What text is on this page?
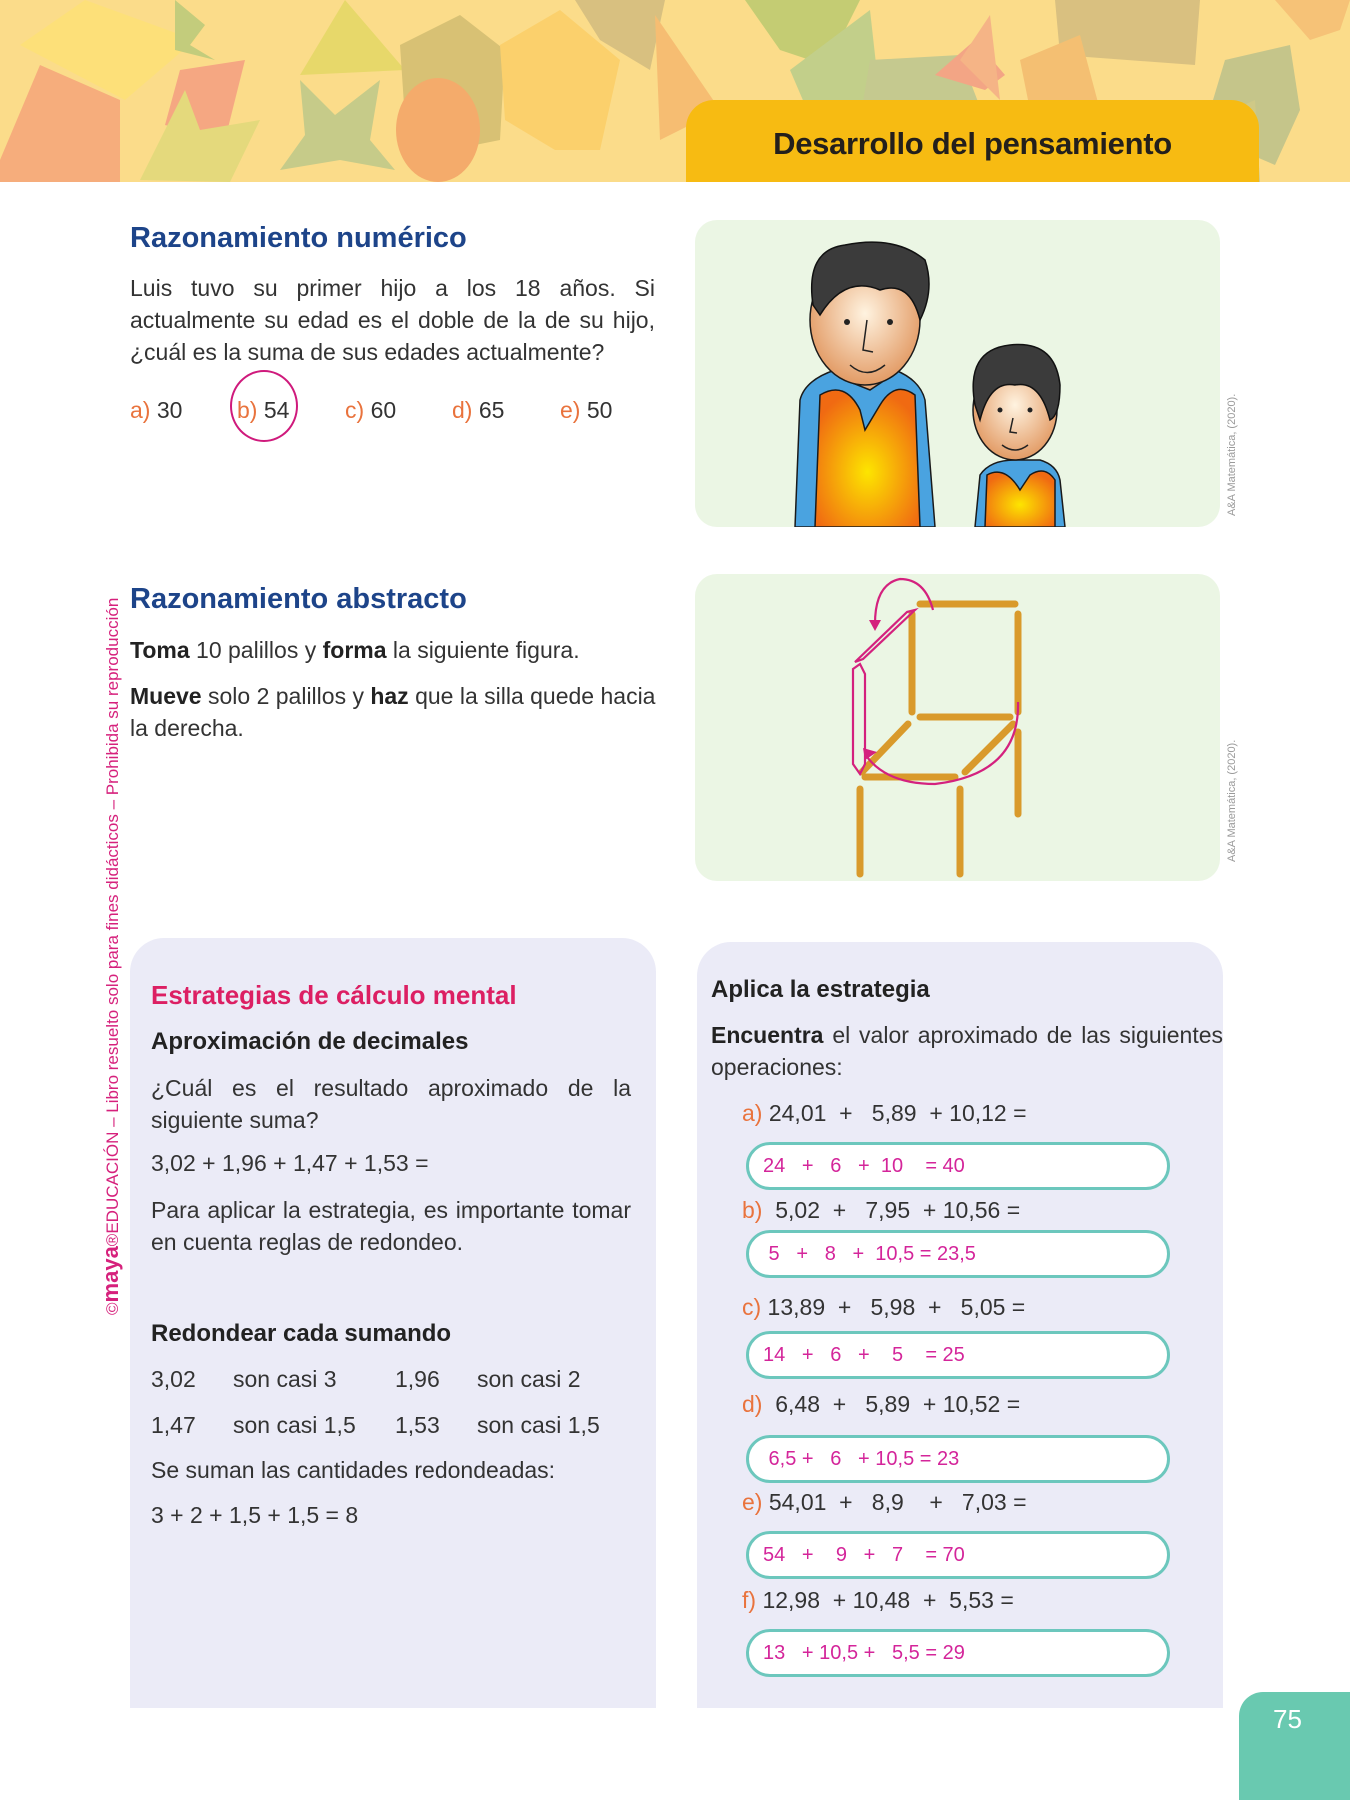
Desarrollo del pensamiento
©maya®EDUCACIÓN – Libro resuelto solo para fines didácticos – Prohibida su reproducción
Razonamiento numérico
Luis tuvo su primer hijo a los 18 años. Si actualmente su edad es el doble de la de su hijo, ¿cuál es la suma de sus edades actualmente?
a) 30 b) 54 c) 60 d) 65 e) 50	A&A Matemática, (2020).
Razonamiento abstracto
Toma 10 palillos y forma la siguiente figura.
Mueve solo 2 palillos y haz que la silla quede hacia la derecha.
A&A Matemática, (2020).
Estrategias de cálculo mental
Aproximación de decimales
¿Cuál es el resultado aproximado de la siguiente suma?
3,02 + 1,96 + 1,47 + 1,53 =
Para aplicar la estrategia, es importante tomar en cuenta reglas de redondeo.
Redondear cada sumando
3,02 son casi 3	1,96 son casi 2
1,47 son casi 1,5 1,53 son casi 1,5
Se suman las cantidades redondeadas:
3 + 2 + 1,5 + 1,5 = 8
Aplica la estrategia
Encuentra el valor aproximado de las siguientes operaciones:
a) 24,01  +   5,89  + 10,12 =
24   +   6   +  10    = 40
b)  5,02  +   7,95  + 10,56 =
5   +   8   +  10,5 = 23,5
c) 13,89  +   5,98  +   5,05 =
14   +   6   +    5    = 25
d)  6,48  +   5,89  + 10,52 =
6,5 +   6   + 10,5 = 23
e) 54,01  +   8,9    +   7,03 =
54   +    9   +   7    = 70
f) 12,98  + 10,48  +  5,53 =
13   + 10,5 +   5,5 = 29
75
